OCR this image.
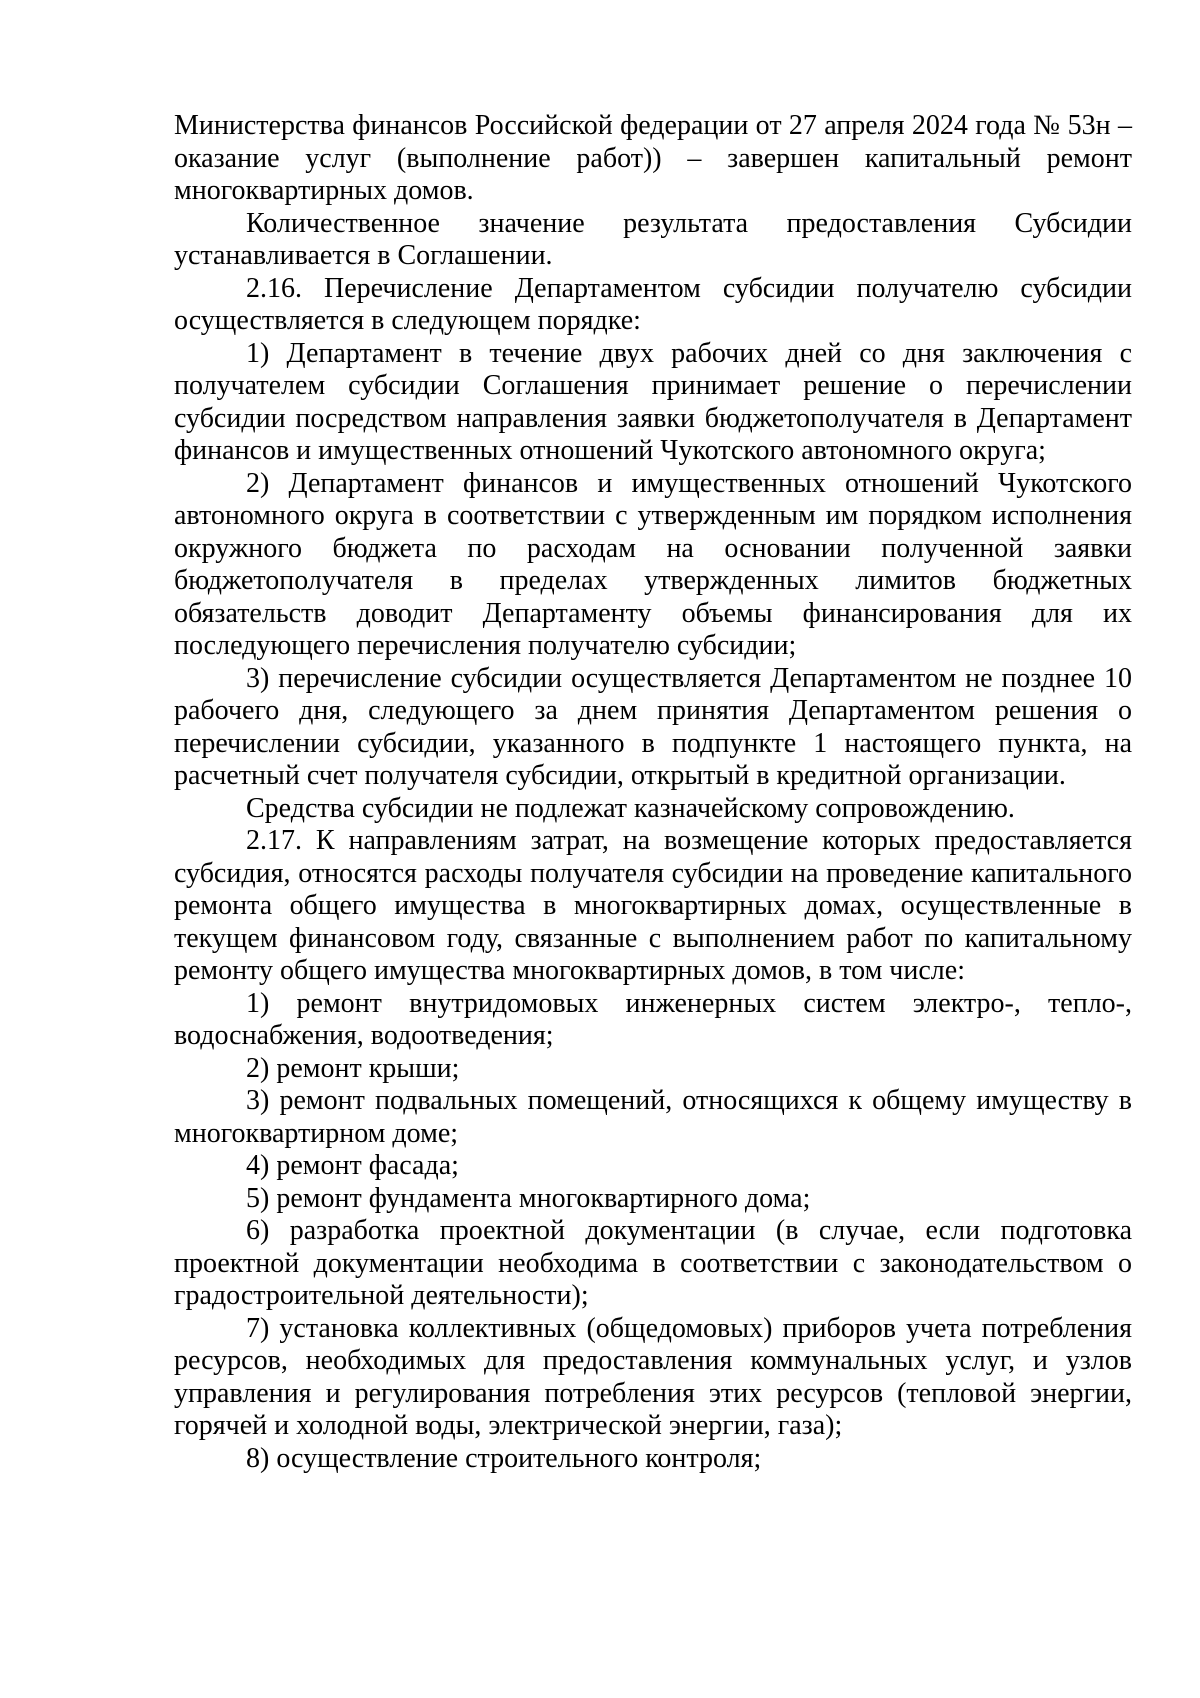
Министерства финансов Российской федерации от 27 апреля 2024 года № 53н – оказание услуг (выполнение работ)) – завершен капитальный ремонт многоквартирных домов.

Количественное значение результата предоставления Субсидии устанавливается в Соглашении.

2.16. Перечисление Департаментом субсидии получателю субсидии осуществляется в следующем порядке:

1) Департамент в течение двух рабочих дней со дня заключения с получателем субсидии Соглашения принимает решение о перечислении субсидии посредством направления заявки бюджетополучателя в Департамент финансов и имущественных отношений Чукотского автономного округа;

2) Департамент финансов и имущественных отношений Чукотского автономного округа в соответствии с утвержденным им порядком исполнения окружного бюджета по расходам на основании полученной заявки бюджетополучателя в пределах утвержденных лимитов бюджетных обязательств доводит Департаменту объемы финансирования для их последующего перечисления получателю субсидии;

3) перечисление субсидии осуществляется Департаментом не позднее 10 рабочего дня, следующего за днем принятия Департаментом решения о перечислении субсидии, указанного в подпункте 1 настоящего пункта, на расчетный счет получателя субсидии, открытый в кредитной организации.

Средства субсидии не подлежат казначейскому сопровождению.

2.17. К направлениям затрат, на возмещение которых предоставляется субсидия, относятся расходы получателя субсидии на проведение капитального ремонта общего имущества в многоквартирных домах, осуществленные в текущем финансовом году, связанные с выполнением работ по капитальному ремонту общего имущества многоквартирных домов, в том числе:

1) ремонт внутридомовых инженерных систем электро-, тепло-, водоснабжения, водоотведения;

2) ремонт крыши;

3) ремонт подвальных помещений, относящихся к общему имуществу в многоквартирном доме;

4) ремонт фасада;

5) ремонт фундамента многоквартирного дома;

6) разработка проектной документации (в случае, если подготовка проектной документации необходима в соответствии с законодательством о градостроительной деятельности);

7) установка коллективных (общедомовых) приборов учета потребления ресурсов, необходимых для предоставления коммунальных услуг, и узлов управления и регулирования потребления этих ресурсов (тепловой энергии, горячей и холодной воды, электрической энергии, газа);

8) осуществление строительного контроля;
